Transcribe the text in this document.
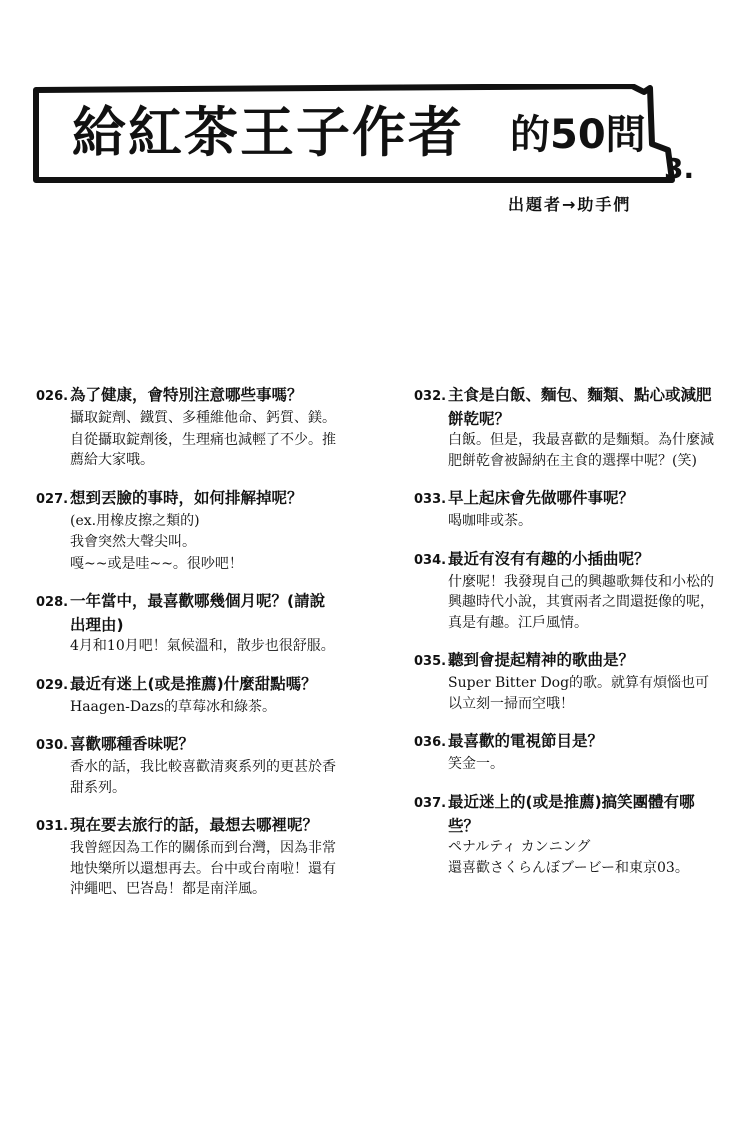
給紅茶王子作者 的50問
3.
出題者→助手們
026. 為了健康，會特別注意哪些事嗎？

攝取錠劑、鐵質、多種維他命、鈣質、鎂。

自從攝取錠劑後，生理痛也減輕了不少。推薦給大家哦。

027. 想到丟臉的事時，如何排解掉呢？

(ex.用橡皮擦之類的)

我會突然大聲尖叫。

嘎~~或是哇~~。很吵吧！

028. 一年當中，最喜歡哪幾個月呢？(請說出理由)

4月和10月吧！氣候溫和，散步也很舒服。

029. 最近有迷上(或是推薦)什麼甜點嗎？

Haagen-Dazs的草莓冰和綠茶。

030. 喜歡哪種香味呢？

香水的話，我比較喜歡清爽系列的更甚於香甜系列。

031. 現在要去旅行的話，最想去哪裡呢？

我曾經因為工作的關係而到台灣，因為非常地快樂所以還想再去。台中或台南啦！還有沖繩吧、巴峇島！都是南洋風。

032. 主食是白飯、麵包、麵類、點心或減肥餅乾呢？

白飯。但是，我最喜歡的是麵類。為什麼減肥餅乾會被歸納在主食的選擇中呢？(笑)

033. 早上起床會先做哪件事呢？

喝咖啡或茶。

034. 最近有沒有有趣的小插曲呢？

什麼呢！我發現自己的興趣歌舞伎和小松的興趣時代小說，其實兩者之間還挺像的呢，真是有趣。江戶風情。

035. 聽到會提起精神的歌曲是？

Super Bitter Dog的歌。就算有煩惱也可以立刻一掃而空哦！

036. 最喜歡的電視節目是？

笑金一。

037. 最近迷上的(或是推薦)搞笑團體有哪些？

ペナルティ カンニング

還喜歡さくらんぼブービー和東京03。
